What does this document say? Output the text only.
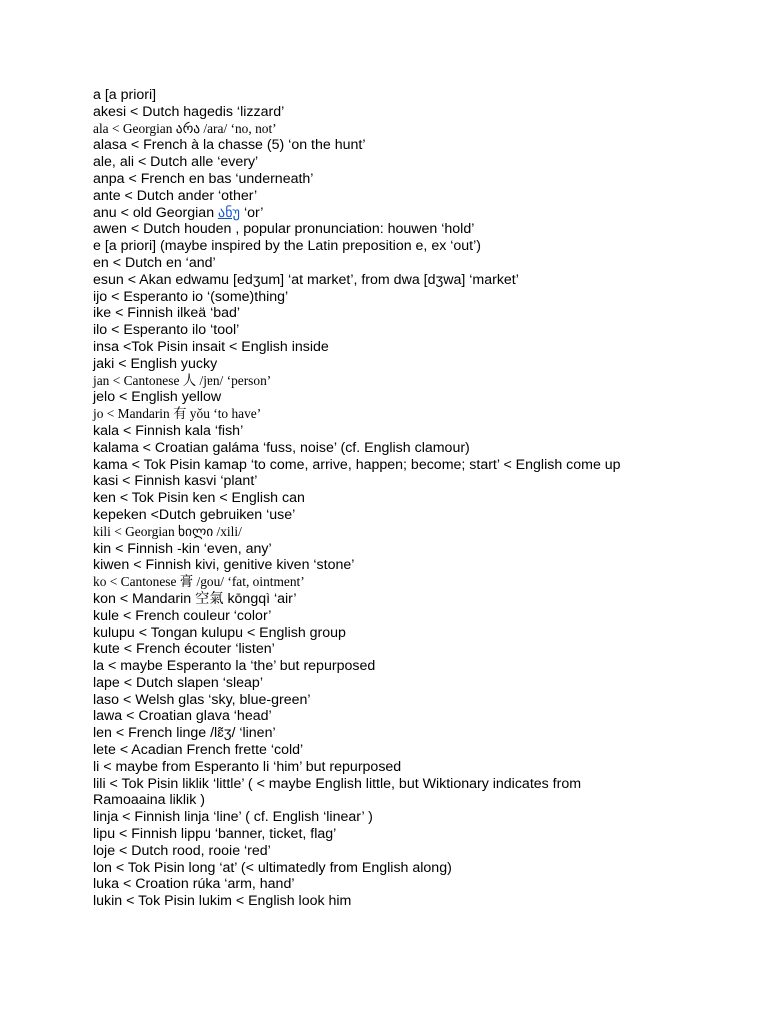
a [a priori]
akesi < Dutch hagedis ‘lizzard’
ala < Georgian არა /ara/ ‘no, not’
alasa < French à la chasse (5) ‘on the hunt’
ale, ali < Dutch alle ‘every’
anpa < French en bas ‘underneath’
ante < Dutch ander ‘other’
anu < old Georgian ანუ ‘or’
awen < Dutch houden , popular pronunciation: houwen ‘hold’
e [a priori] (maybe inspired by the Latin preposition e, ex ‘out’)
en < Dutch en ‘and’
esun < Akan edwamu [edʒum] ‘at market’, from dwa [dʒwa] ‘market’
ijo < Esperanto io ‘(some)thing’
ike < Finnish ilkeä ‘bad’
ilo < Esperanto ilo ‘tool’
insa <Tok Pisin insait < English inside
jaki < English yucky
jan < Cantonese 人 /jɐn/ ‘person’
jelo < English yellow
jo < Mandarin 有 yǒu ‘to have’
kala < Finnish kala ‘fish’
kalama < Croatian galáma ‘fuss, noise’ (cf. English clamour)
kama < Tok Pisin kamap ‘to come, arrive, happen; become; start’ < English come up
kasi < Finnish kasvi ‘plant’
ken < Tok Pisin ken < English can
kepeken <Dutch gebruiken ‘use’
kili < Georgian ხილი /xili/
kin < Finnish -kin ‘even, any’
kiwen < Finnish kivi, genitive kiven ‘stone’
ko < Cantonese 膏 /gou/ ‘fat, ointment’
kon < Mandarin 空氣 kōngqì ‘air’
kule < French couleur ‘color’
kulupu < Tongan kulupu < English group
kute < French écouter ‘listen’
la < maybe Esperanto la ‘the’ but repurposed
lape < Dutch slapen ‘sleap’
laso < Welsh glas ‘sky, blue-green’
lawa < Croatian glava ‘head’
len < French linge /lɛ̃ʒ/ ‘linen’
lete < Acadian French frette ‘cold’
li < maybe from Esperanto li ‘him’ but repurposed
lili < Tok Pisin liklik ‘little’ ( < maybe English little, but Wiktionary indicates from Ramoaaina liklik )
linja < Finnish linja ‘line’ ( cf. English ‘linear’ )
lipu < Finnish lippu ‘banner, ticket, flag’
loje < Dutch rood, rooie ‘red’
lon < Tok Pisin long ‘at’ (< ultimatedly from English along)
luka < Croation rúka ‘arm, hand’
lukin < Tok Pisin lukim < English look him
